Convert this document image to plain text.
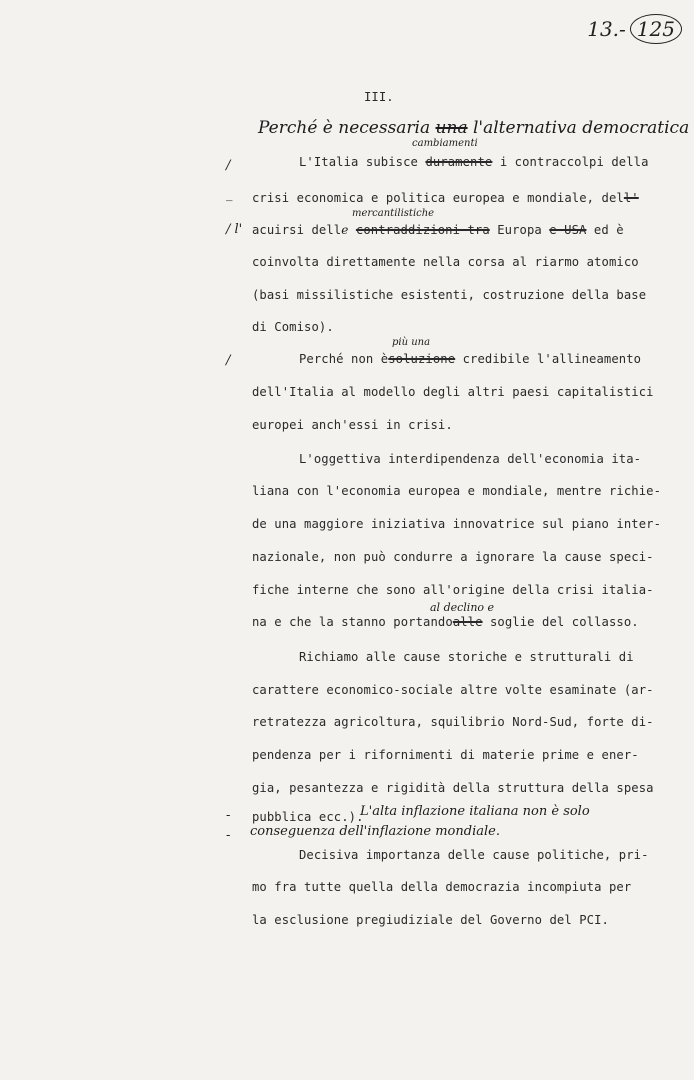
13.- 125
III.
Perché è necessaria una l'alternativa democratica
cambiamenti
/
_
/ l'
/
-
-
L'Italia subisce duramente i contraccolpi della
crisi economica e politica europea e mondiale, dell'
mercantilistiche
acuirsi delle contraddizioni tra Europa e USA ed è
coinvolta direttamente nella corsa al riarmo atomico
(basi missilistiche esistenti, costruzione della base
di Comiso).
più una
Perché non èsoluzione credibile l'allineamento
dell'Italia al modello degli altri paesi capitalistici
europei anch'essi in crisi.
L'oggettiva interdipendenza dell'economia ita-
liana con l'economia europea e mondiale, mentre richie-
de una maggiore iniziativa innovatrice sul piano inter-
nazionale, non può condurre a ignorare la cause speci-
fiche interne che sono all'origine della crisi italia-
al declino e
na e che la stanno portandoalle soglie del collasso.
Richiamo alle cause storiche e strutturali di
carattere economico-sociale altre volte esaminate (ar-
retratezza agricoltura, squilibrio Nord-Sud, forte di-
pendenza per i rifornimenti di materie prime e ener-
gia, pesantezza e rigidità della struttura della spesa
pubblica ecc.).
L'alta inflazione italiana non è solo
conseguenza dell'inflazione mondiale.
Decisiva importanza delle cause politiche, pri-
mo fra tutte quella della democrazia incompiuta per
la esclusione pregiudiziale del Governo del PCI.
